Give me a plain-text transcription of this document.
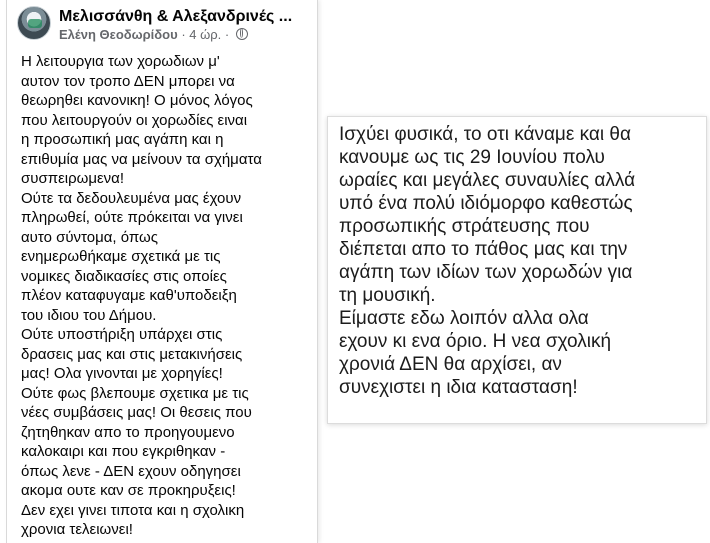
Μελισσάνθη & Αλεξανδρινές ...
Ελένη Θεοδωρίδου · 4 ώρ. ·
Η λειτουργια των χορωδιων μ'
αυτον τον τροπο ΔΕΝ μπορει να
θεωρηθει κανονικη! Ο μόνος λόγος
που λειτουργούν οι χορωδίες ειναι
η προσωπική μας αγάπη και η
επιθυμία μας να μείνουν τα σχήματα
συσπειρωμενα!
Ούτε τα δεδουλευμένα μας έχουν
πληρωθεί, ούτε πρόκειται να γινει
αυτο σύντομα, όπως
ενημερωθήκαμε σχετικά με τις
νομικες διαδικασίες στις οποίες
πλέον καταφυγαμε καθ'υποδειξη
του ιδιου του Δήμου.
Ούτε υποστήριξη υπάρχει στις
δρασεις μας και στις μετακινήσεις
μας! Ολα γινονται με χορηγίες!
Ούτε φως βλεπουμε σχετικα με τις
νέες συμβάσεις μας! Οι θεσεις που
ζητηθηκαν απο το προηγουμενο
καλοκαιρι και που εγκριθηκαν -
όπως λενε - ΔΕΝ εχουν οδηγησει
ακομα ουτε καν σε προκηρυξεις!
Δεν εχει γινει τιποτα και η σχολικη
χρονια τελειωνει!
Ισχύει φυσικά, το οτι κάναμε και θα
κανουμε ως τις 29 Ιουνίου πολυ
ωραίες και μεγάλες συναυλίες αλλά
υπό ένα πολύ ιδιόμορφο καθεστώς
προσωπικής στράτευσης που
διέπεται απο το πάθος μας και την
αγάπη των ιδίων των χορωδών για
τη μουσική.
Είμαστε εδω λοιπόν αλλα ολα
εχουν κι ενα όριο. Η νεα σχολική
χρονιά ΔΕΝ θα αρχίσει, αν
συνεχιστει η ιδια κατασταση!
